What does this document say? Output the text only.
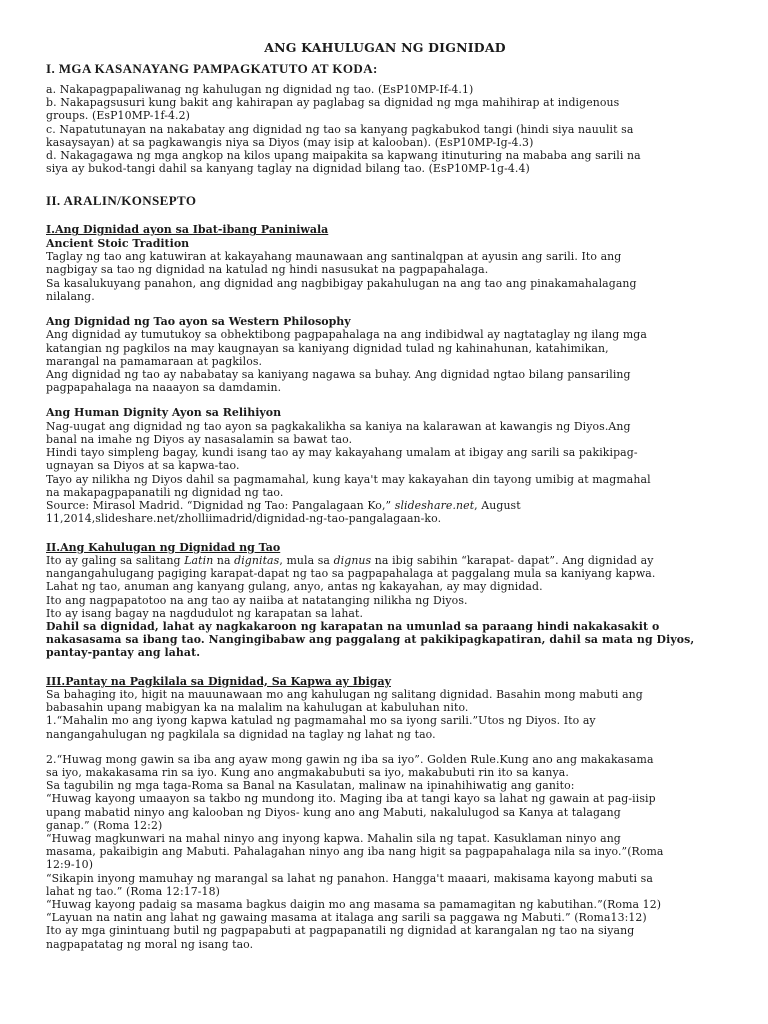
ANG KAHULUGAN NG DIGNIDAD
I. MGA KASANAYANG PAMPAGKATUTO AT KODA:

a. Nakapagpapaliwanag ng kahulugan ng dignidad ng tao. (EsP10MP-If-4.1)

b. Nakapagsusuri kung bakit ang kahirapan ay paglabag sa dignidad ng mga mahihirap at indigenous

groups. (EsP10MP-1f-4.2)

c. Napatutunayan na nakabatay ang dignidad ng tao sa kanyang pagkabukod tangi (hindi siya nauulit sa

kasaysayan) at sa pagkawangis niya sa Diyos (may isip at kalooban). (EsP10MP-Ig-4.3)

d. Nakagagawa ng mga angkop na kilos upang maipakita sa kapwang itinuturing na mababa ang sarili na

siya ay bukod-tangi dahil sa kanyang taglay na dignidad bilang tao. (EsP10MP-1g-4.4)

II. ARALIN/KONSEPTO

I.Ang Dignidad ayon sa Ibat-ibang Paniniwala

Ancient Stoic Tradition

Taglay ng tao ang katuwiran at kakayahang maunawaan ang santinalqpan at ayusin ang sarili. Ito ang

nagbigay sa tao ng dignidad na katulad ng hindi nasusukat na pagpapahalaga.

Sa kasalukuyang panahon, ang dignidad ang nagbibigay pakahulugan na ang tao ang pinakamahalagang

nilalang.

Ang Dignidad ng Tao ayon sa Western Philosophy

Ang dignidad ay tumutukoy sa obhektibong pagpapahalaga na ang indibidwal ay nagtataglay ng ilang mga

katangian ng pagkilos na may kaugnayan sa kaniyang dignidad tulad ng kahinahunan, katahimikan,

marangal na pamamaraan at pagkilos.

Ang dignidad ng tao ay nababatay sa kaniyang nagawa sa buhay. Ang dignidad ngtao bilang pansariling

pagpapahalaga na naaayon sa damdamin.

Ang Human Dignity Ayon sa Relihiyon

Nag-uugat ang dignidad ng tao ayon sa pagkakalikha sa kaniya na kalarawan at kawangis ng Diyos.Ang

banal na imahe ng Diyos ay nasasalamin sa bawat tao.

Hindi tayo simpleng bagay, kundi isang tao ay may kakayahang umalam at ibigay ang sarili sa pakikipag-

ugnayan sa Diyos at sa kapwa-tao.

Tayo ay nilikha ng Diyos dahil sa pagmamahal, kung kaya't may kakayahan din tayong umibig at magmahal

na makapagpapanatili ng dignidad ng tao.

Source: Mirasol Madrid. “Dignidad ng Tao: Pangalagaan Ko,” slideshare.net, August

11,2014,slideshare.net/zholliimadrid/dignidad-ng-tao-pangalagaan-ko.

II.Ang Kahulugan ng Dignidad ng Tao

Ito ay galing sa salitang Latin na dignitas, mula sa dignus na ibig sabihin “karapat- dapat”. Ang dignidad ay

nangangahulugang pagiging karapat-dapat ng tao sa pagpapahalaga at paggalang mula sa kaniyang kapwa.

Lahat ng tao, anuman ang kanyang gulang, anyo, antas ng kakayahan, ay may dignidad.

Ito ang nagpapatotoo na ang tao ay naiiba at natatanging nilikha ng Diyos.

Ito ay isang bagay na nagdudulot ng karapatan sa lahat.

Dahil sa dignidad, lahat ay nagkakaroon ng karapatan na umunlad sa paraang hindi nakakasakit o

nakasasama sa ibang tao. Nangingibabaw ang paggalang at pakikipagkapatiran, dahil sa mata ng Diyos,

pantay-pantay ang lahat.

III.Pantay na Pagkilala sa Dignidad, Sa Kapwa ay Ibigay

Sa bahaging ito, higit na mauunawaan mo ang kahulugan ng salitang dignidad. Basahin mong mabuti ang

babasahin upang mabigyan ka na malalim na kahulugan at kabuluhan nito.

1.“Mahalin mo ang iyong kapwa katulad ng pagmamahal mo sa iyong sarili.”Utos ng Diyos. Ito ay

nangangahulugan ng pagkilala sa dignidad na taglay ng lahat ng tao.

2.“Huwag mong gawin sa iba ang ayaw mong gawin ng iba sa iyo”. Golden Rule.Kung ano ang makakasama

sa iyo, makakasama rin sa iyo. Kung ano angmakabubuti sa iyo, makabubuti rin ito sa kanya.

Sa tagubilin ng mga taga-Roma sa Banal na Kasulatan, malinaw na ipinahihiwatig ang ganito:

“Huwag kayong umaayon sa takbo ng mundong ito. Maging iba at tangi kayo sa lahat ng gawain at pag-iisip

upang mabatid ninyo ang kalooban ng Diyos- kung ano ang Mabuti, nakalulugod sa Kanya at talagang

ganap.” (Roma 12:2)

“Huwag magkunwari na mahal ninyo ang inyong kapwa. Mahalin sila ng tapat. Kasuklaman ninyo ang

masama, pakaibigin ang Mabuti. Pahalagahan ninyo ang iba nang higit sa pagpapahalaga nila sa inyo.”(Roma

12:9-10)

“Sikapin inyong mamuhay ng marangal sa lahat ng panahon. Hangga't maaari, makisama kayong mabuti sa

lahat ng tao.” (Roma 12:17-18)

“Huwag kayong padaig sa masama bagkus daigin mo ang masama sa pamamagitan ng kabutihan.”(Roma 12)

“Layuan na natin ang lahat ng gawaing masama at italaga ang sarili sa paggawa ng Mabuti.” (Roma13:12)

Ito ay mga ginintuang butil ng pagpapabuti at pagpapanatili ng dignidad at karangalan ng tao na siyang

nagpapatatag ng moral ng isang tao.
